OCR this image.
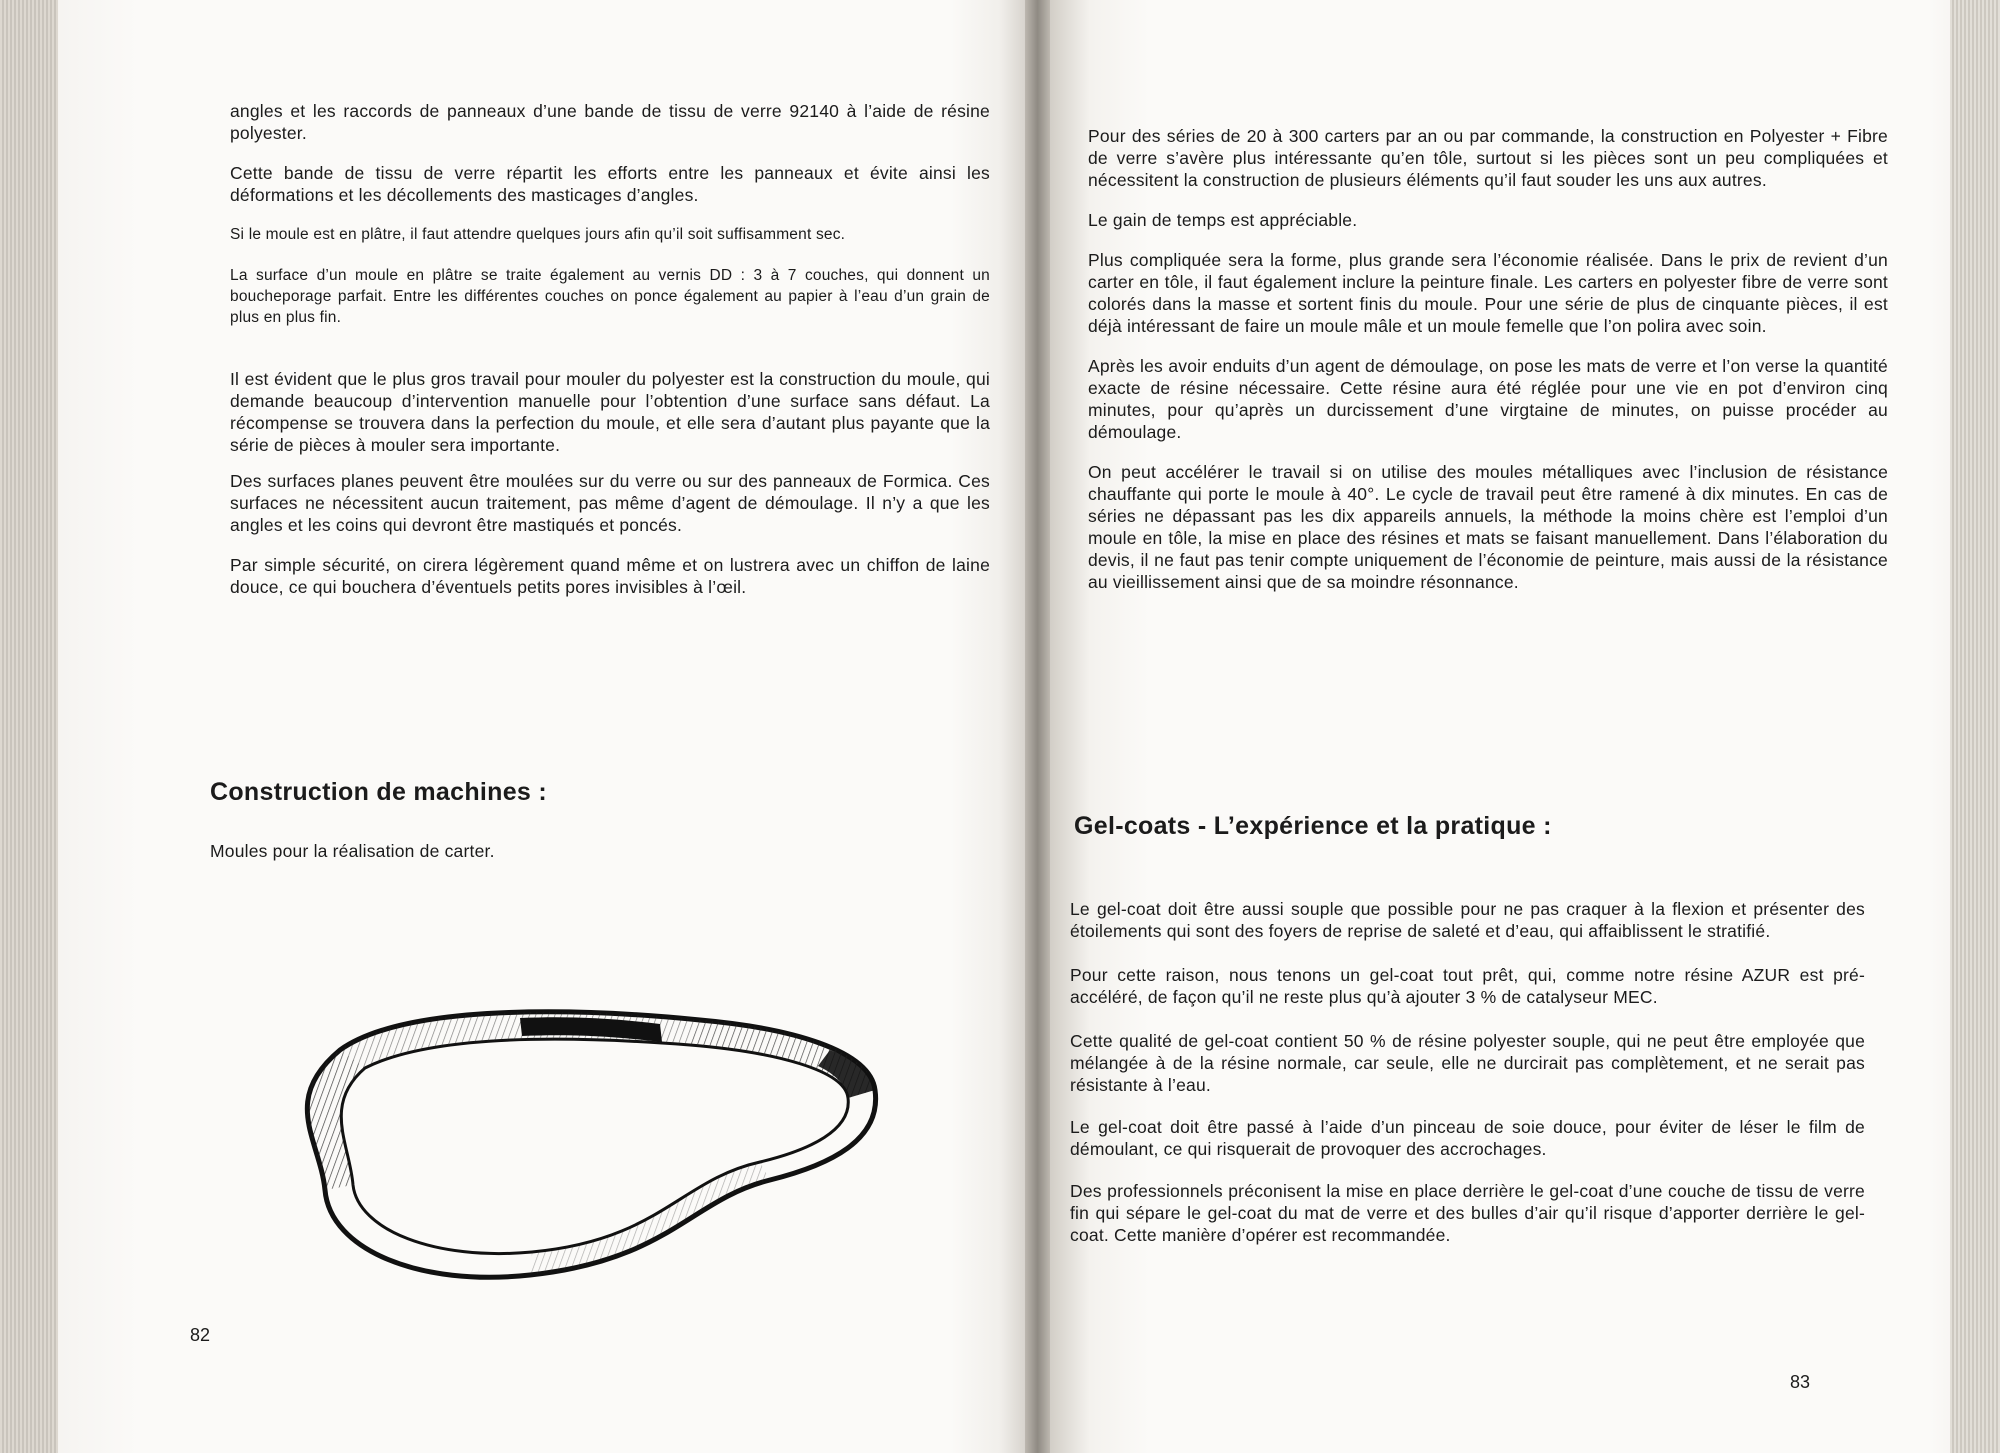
angles et les raccords de panneaux d’une bande de tissu de verre 92140 à l’aide de résine polyester.

Cette bande de tissu de verre répartit les efforts entre les panneaux et évite ainsi les déformations et les décollements des masticages d’angles.

Si le moule est en plâtre, il faut attendre quelques jours afin qu’il soit suffisamment sec.

La surface d’un moule en plâtre se traite également au vernis DD : 3 à 7 couches, qui donnent un boucheporage parfait. Entre les différentes couches on ponce également au papier à l’eau d’un grain de plus en plus fin.

Il est évident que le plus gros travail pour mouler du polyester est la construction du moule, qui demande beaucoup d’intervention manuelle pour l’obtention d’une surface sans défaut. La récompense se trouvera dans la perfection du moule, et elle sera d’autant plus payante que la série de pièces à mouler sera importante.

Des surfaces planes peuvent être moulées sur du verre ou sur des panneaux de Formica. Ces surfaces ne nécessitent aucun traitement, pas même d’agent de démoulage. Il n’y a que les angles et les coins qui devront être mastiqués et poncés.

Par simple sécurité, on cirera légèrement quand même et on lustrera avec un chiffon de laine douce, ce qui bouchera d’éventuels petits pores invisibles à l’œil.

Construction de machines :

Moules pour la réalisation de carter.

82

Pour des séries de 20 à 300 carters par an ou par commande, la construction en Polyester + Fibre de verre s’avère plus intéressante qu’en tôle, surtout si les pièces sont un peu compliquées et nécessitent la construction de plusieurs éléments qu’il faut souder les uns aux autres.

Le gain de temps est appréciable.

Plus compliquée sera la forme, plus grande sera l’économie réalisée. Dans le prix de revient d’un carter en tôle, il faut également inclure la peinture finale. Les carters en polyester fibre de verre sont colorés dans la masse et sortent finis du moule. Pour une série de plus de cinquante pièces, il est déjà intéressant de faire un moule mâle et un moule femelle que l’on polira avec soin.

Après les avoir enduits d’un agent de démoulage, on pose les mats de verre et l’on verse la quantité exacte de résine nécessaire. Cette résine aura été réglée pour une vie en pot d’environ cinq minutes, pour qu’après un durcissement d’une virgtaine de minutes, on puisse procéder au démoulage.

On peut accélérer le travail si on utilise des moules métalliques avec l’inclusion de résistance chauffante qui porte le moule à 40°. Le cycle de travail peut être ramené à dix minutes. En cas de séries ne dépassant pas les dix appareils annuels, la méthode la moins chère est l’emploi d’un moule en tôle, la mise en place des résines et mats se faisant manuellement. Dans l’élaboration du devis, il ne faut pas tenir compte uniquement de l’économie de peinture, mais aussi de la résistance au vieillissement ainsi que de sa moindre résonnance.

Gel-coats - L’expérience et la pratique :

Le gel-coat doit être aussi souple que possible pour ne pas craquer à la flexion et présenter des étoilements qui sont des foyers de reprise de saleté et d’eau, qui affaiblissent le stratifié.

Pour cette raison, nous tenons un gel-coat tout prêt, qui, comme notre résine AZUR est pré-accéléré, de façon qu’il ne reste plus qu’à ajouter 3 % de catalyseur MEC.

Cette qualité de gel-coat contient 50 % de résine polyester souple, qui ne peut être employée que mélangée à de la résine normale, car seule, elle ne durcirait pas complètement, et ne serait pas résistante à l’eau.

Le gel-coat doit être passé à l’aide d’un pinceau de soie douce, pour éviter de léser le film de démoulant, ce qui risquerait de provoquer des accrochages.

Des professionnels préconisent la mise en place derrière le gel-coat d’une couche de tissu de verre fin qui sépare le gel-coat du mat de verre et des bulles d’air qu’il risque d’apporter derrière le gel-coat. Cette manière d’opérer est recommandée.

83
